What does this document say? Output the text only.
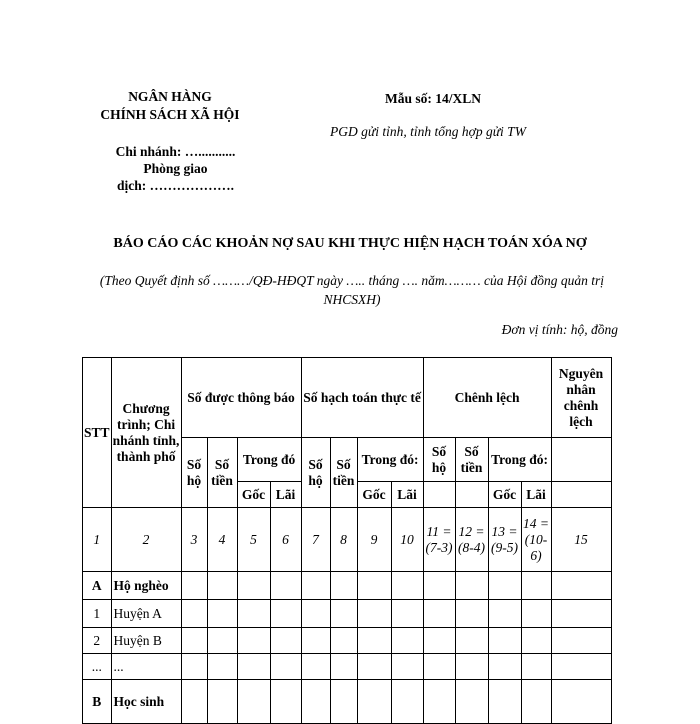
NGÂN HÀNG
CHÍNH SÁCH XÃ HỘI
Mẫu số: 14/XLN
PGD gửi tỉnh, tỉnh tổng hợp gửi TW
Chi nhánh: …...........
Phòng giao
dịch: ……………….
BÁO CÁO CÁC KHOẢN NỢ SAU KHI THỰC HIỆN HẠCH TOÁN XÓA NỢ
(Theo Quyết định số ………/QĐ-HĐQT ngày ….. tháng …. năm……… của Hội đồng quản trị NHCSXH)
Đơn vị tính: hộ, đồng
STT	Chương trình; Chi nhánh tỉnh, thành phố	Số được thông báo				Số hạch toán thực tế				Chênh lệch				Nguyên nhân chênh lệch
		Số hộ	Số tiền	Trong đó		Số hộ	Số tiền	Trong đó:		Số hộ	Số tiền	Trong đó:		
				Gốc	Lãi			Gốc	Lãi			Gốc	Lãi	
1	2	3	4	5	6	7	8	9	10	11 = (7-3)	12 = (8-4)	13 = (9-5)	14 = (10-6)	15
A	Hộ nghèo													
1	Huyện A													
2	Huyện B													
...	...													
B	Học sinh													
